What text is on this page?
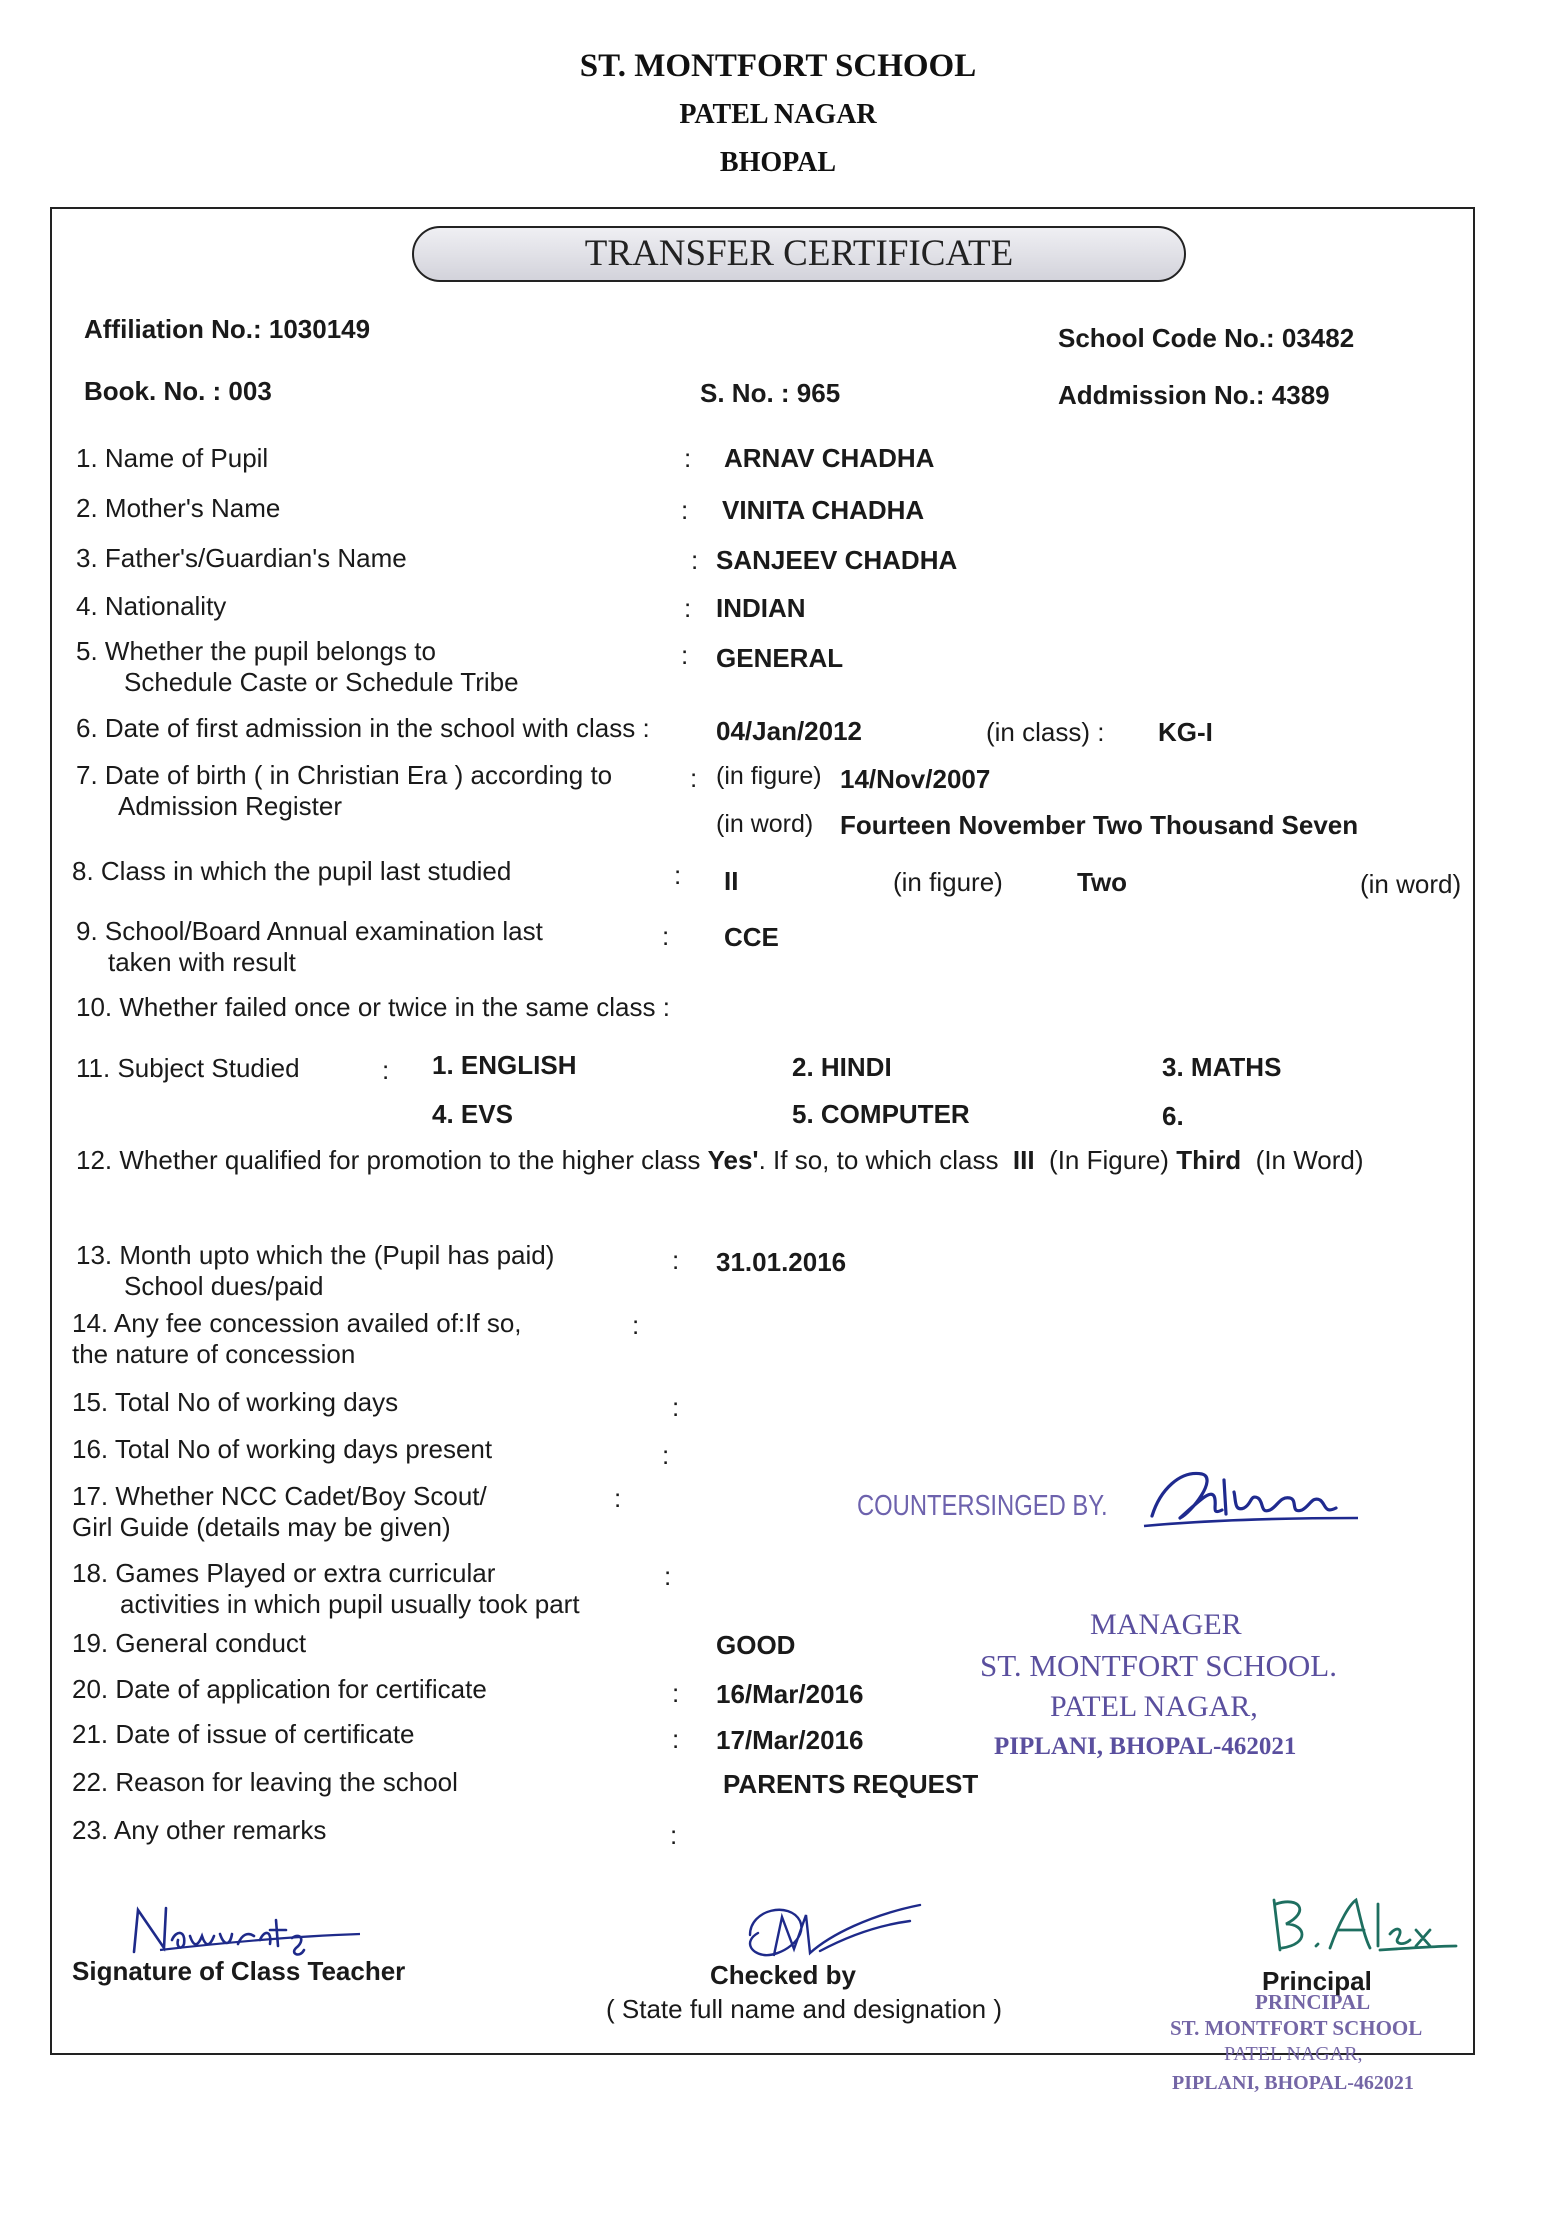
ST. MONTFORT SCHOOL
PATEL NAGAR
BHOPAL
TRANSFER CERTIFICATE
Affiliation No.: 1030149	School Code No.: 03482
Book. No. : 003	S. No. : 965	Addmission No.: 4389
1. Name of Pupil	: ARNAV CHADHA
2. Mother's Name	: VINITA CHADHA
3. Father's/Guardian's Name	: SANJEEV CHADHA
4. Nationality	: INDIAN
5. Whether the pupil belongs to
Schedule Caste or Schedule Tribe
: GENERAL
6. Date of first admission in the school with class :	04/Jan/2012	(in class) : KG-I
7. Date of birth ( in Christian Era ) according to
Admission Register
: (in figure) 14/Nov/2007
(in word) Fourteen November Two Thousand Seven
8. Class in which the pupil last studied	: II	(in figure)	Two	(in word)
9. School/Board Annual examination last
taken with result
: CCE
10. Whether failed once or twice in the same class :
11. Subject Studied	: 1. ENGLISH	2. HINDI	3. MATHS
4. EVS	5. COMPUTER	6.
12. Whether qualified for promotion to the higher class Yes'. If so, to which class III (In Figure) Third (In Word)
13. Month upto which the (Pupil has paid)
School dues/paid
: 31.01.2016
14. Any fee concession availed of:If so,
the nature of concession
:
15. Total No of working days	:
16. Total No of working days present	:
17. Whether NCC Cadet/Boy Scout/
Girl Guide (details may be given)
:
18. Games Played or extra curricular
activities in which pupil usually took part
:
19. General conduct	GOOD
20. Date of application for certificate	: 16/Mar/2016
21. Date of issue of certificate	: 17/Mar/2016
22. Reason for leaving the school	PARENTS REQUEST
23. Any other remarks	:
COUNTERSINGED BY.
MANAGER
ST. MONTFORT SCHOOL.
PATEL NAGAR,
PIPLANI, BHOPAL-462021
Signature of Class Teacher	Checked by
( State full name and designation )
Principal
PRINCIPAL
ST. MONTFORT SCHOOL
PATEL NAGAR,
PIPLANI, BHOPAL-462021
